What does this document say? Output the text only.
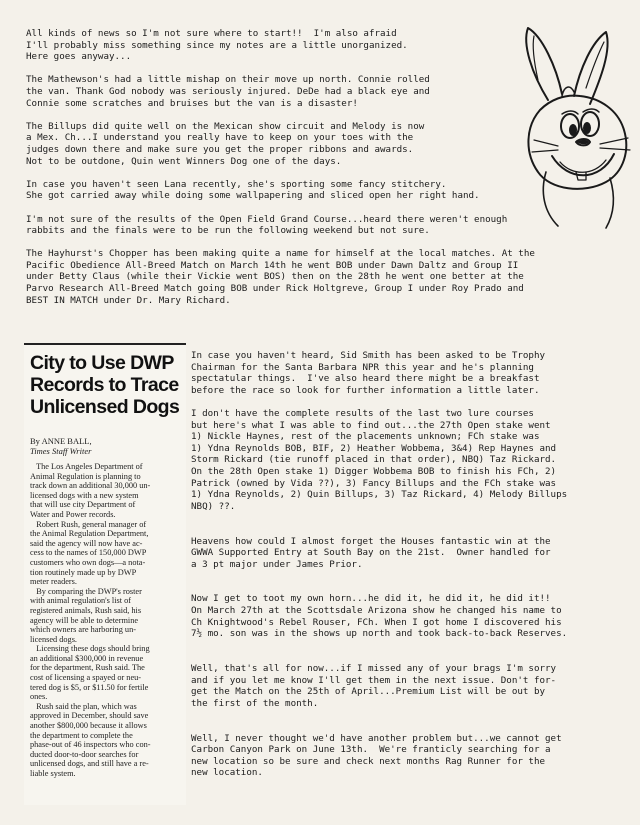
All kinds of news so I'm not sure where to start!!  I'm also afraid
I'll probably miss something since my notes are a little unorganized.
Here goes anyway...

The Mathewson's had a little mishap on their move up north. Connie rolled
the van. Thank God nobody was seriously injured. DeDe had a black eye and
Connie some scratches and bruises but the van is a disaster!

The Billups did quite well on the Mexican show circuit and Melody is now
a Mex. Ch...I understand you really have to keep on your toes with the
judges down there and make sure you get the proper ribbons and awards.
Not to be outdone, Quin went Winners Dog one of the days.

In case you haven't seen Lana recently, she's sporting some fancy stitchery.
She got carried away while doing some wallpapering and sliced open her right hand.

I'm not sure of the results of the Open Field Grand Course...heard there weren't enough
rabbits and the finals were to be run the following weekend but not sure.

The Hayhurst's Chopper has been making quite a name for himself at the local matches. At the
Pacific Obedience All-Breed Match on March 14th he went BOB under Dawn Daltz and Group II
under Betty Claus (while their Vickie went BOS) then on the 28th he went one better at the
Parvo Research All-Breed Match going BOB under Rick Holtgreve, Group I under Roy Prado and
BEST IN MATCH under Dr. Mary Richard.
City to Use DWP
Records to Trace
Unlicensed Dogs
By ANNE BALL,
Times Staff Writer

The Los Angeles Department of

Animal Regulation is planning to

track down an additional 30,000 un-

licensed dogs with a new system

that will use city Department of

Water and Power records.

Robert Rush, general manager of

the Animal Regulation Department,

said the agency will now have ac-

cess to the names of 150,000 DWP

customers who own dogs—a nota-

tion routinely made up by DWP

meter readers.

By comparing the DWP's roster

with animal regulation's list of

registered animals, Rush said, his

agency will be able to determine

which owners are harboring un-

licensed dogs.

Licensing these dogs should bring

an additional $300,000 in revenue

for the department, Rush said. The

cost of licensing a spayed or neu-

tered dog is $5, or $11.50 for fertile

ones.

Rush said the plan, which was

approved in December, should save

another $800,000 because it allows

the department to complete the

phase-out of 46 inspectors who con-

ducted door-to-door searches for

unlicensed dogs, and still have a re-

liable system.

In case you haven't heard, Sid Smith has been asked to be Trophy
Chairman for the Santa Barbara NPR this year and he's planning
spectatular things.  I've also heard there might be a breakfast
before the race so look for further information a little later.

I don't have the complete results of the last two lure courses
but here's what I was able to find out...the 27th Open stake went
1) Nickle Haynes, rest of the placements unknown; FCh stake was
1) Ydna Reynolds BOB, BIF, 2) Heather Wobbema, 3&4) Rep Haynes and
Storm Rickard (tie runoff placed in that order), NBQ) Taz Rickard.
On the 28th Open stake 1) Digger Wobbema BOB to finish his FCh, 2)
Patrick (owned by Vida ??), 3) Fancy Billups and the FCh stake was
1) Ydna Reynolds, 2) Quin Billups, 3) Taz Rickard, 4) Melody Billups
NBQ) ??.

Heavens how could I almost forget the Houses fantastic win at the
GWWA Supported Entry at South Bay on the 21st.  Owner handled for
a 3 pt major under James Prior.

Now I get to toot my own horn...he did it, he did it, he did it!!
On March 27th at the Scottsdale Arizona show he changed his name to
Ch Knightwood's Rebel Rouser, FCh. When I got home I discovered his
7½ mo. son was in the shows up north and took back-to-back Reserves.

Well, that's all for now...if I missed any of your brags I'm sorry
and if you let me know I'll get them in the next issue. Don't for-
get the Match on the 25th of April...Premium List will be out by
the first of the month.

Well, I never thought we'd have another problem but...we cannot get
Carbon Canyon Park on June 13th.  We're franticly searching for a
new location so be sure and check next months Rag Runner for the
new location.
